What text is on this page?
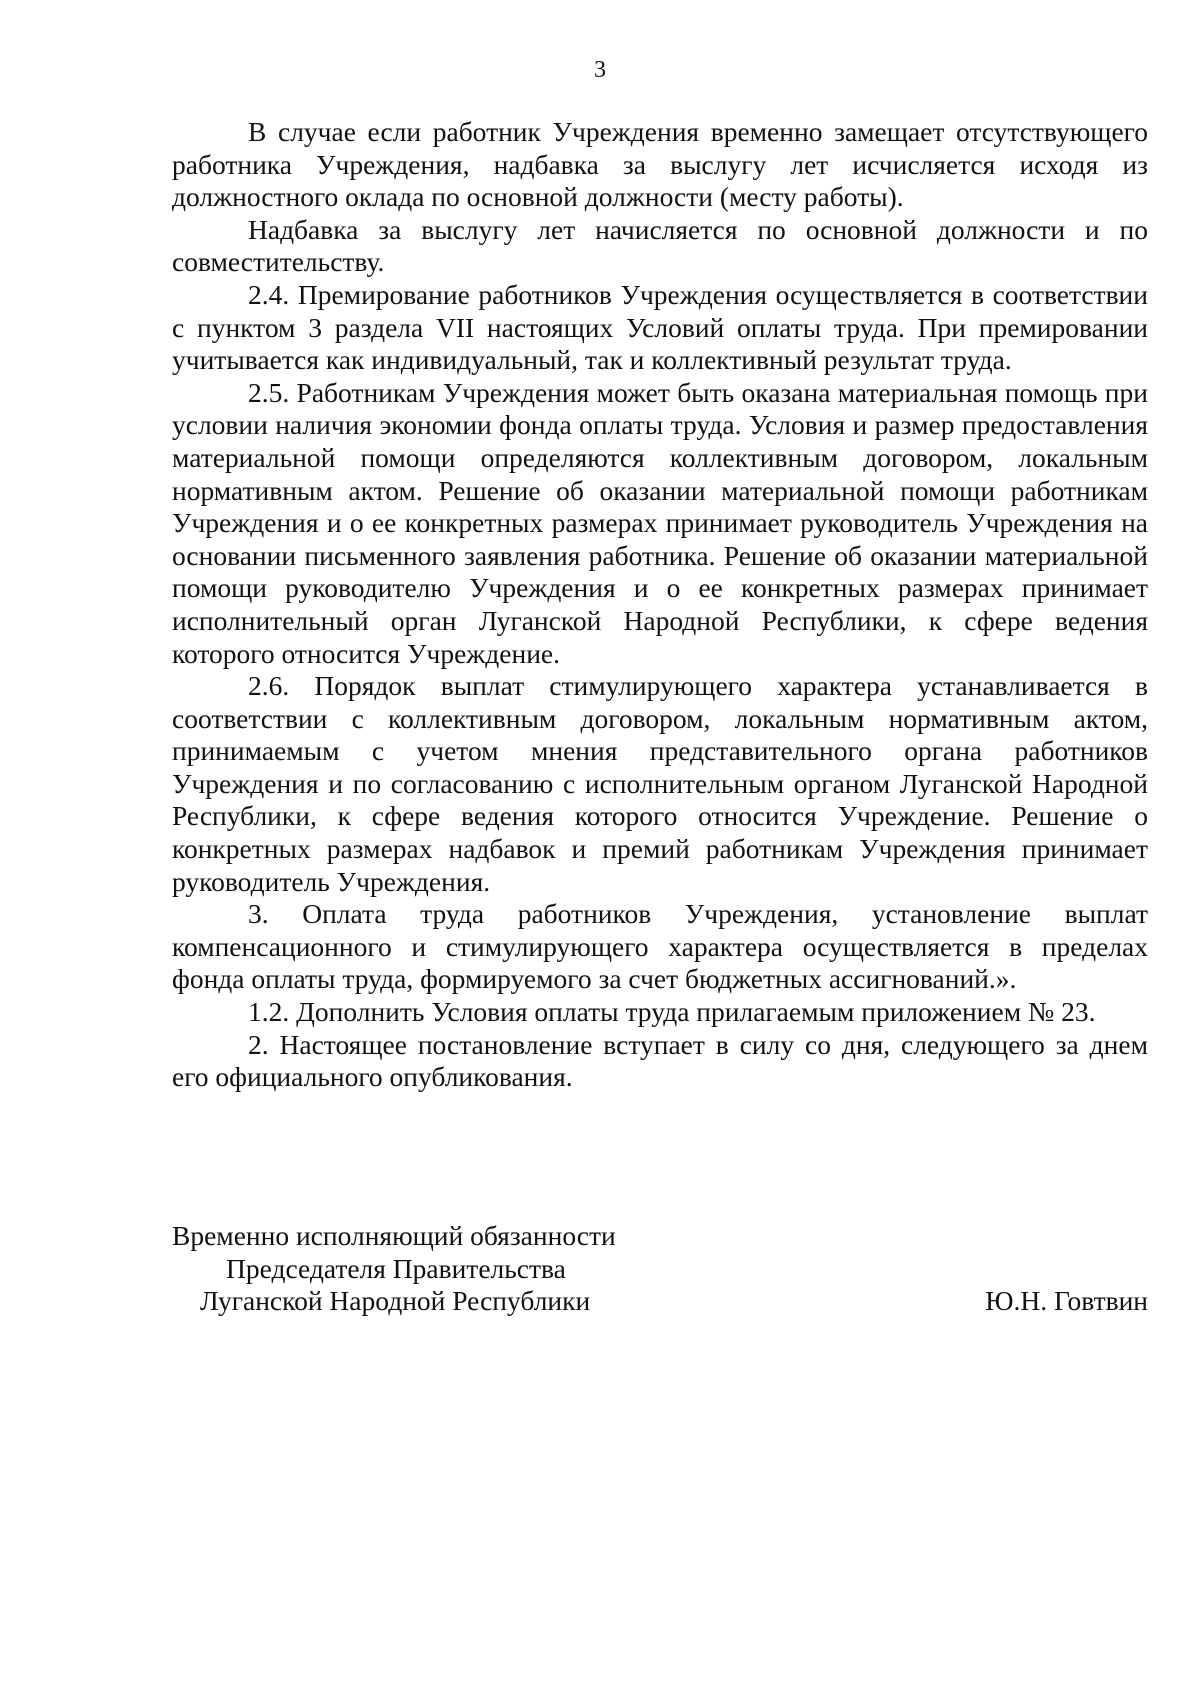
3

В случае если работник Учреждения временно замещает отсутствующего работника Учреждения, надбавка за выслугу лет исчисляется исходя из должностного оклада по основной должности (месту работы).

Надбавка за выслугу лет начисляется по основной должности и по совместительству.

2.4. Премирование работников Учреждения осуществляется в соответствии с пунктом 3 раздела VII настоящих Условий оплаты труда. При премировании учитывается как индивидуальный, так и коллективный результат труда.

2.5. Работникам Учреждения может быть оказана материальная помощь при условии наличия экономии фонда оплаты труда. Условия и размер предоставления материальной помощи определяются коллективным договором, локальным нормативным актом. Решение об оказании материальной помощи работникам Учреждения и о ее конкретных размерах принимает руководитель Учреждения на основании письменного заявления работника. Решение об оказании материальной помощи руководителю Учреждения и о ее конкретных размерах принимает исполнительный орган Луганской Народной Республики, к сфере ведения которого относится Учреждение.

2.6. Порядок выплат стимулирующего характера устанавливается в соответствии с коллективным договором, локальным нормативным актом, принимаемым с учетом мнения представительного органа работников Учреждения и по согласованию с исполнительным органом Луганской Народной Республики, к сфере ведения которого относится Учреждение. Решение о конкретных размерах надбавок и премий работникам Учреждения принимает руководитель Учреждения.

3. Оплата труда работников Учреждения, установление выплат компенсационного и стимулирующего характера осуществляется в пределах фонда оплаты труда, формируемого за счет бюджетных ассигнований.».

1.2. Дополнить Условия оплаты труда прилагаемым приложением № 23.

2. Настоящее постановление вступает в силу со дня, следующего за днем его официального опубликования.

Временно исполняющий обязанности
Председателя Правительства
Луганской Народной Республики	Ю.Н. Говтвин
